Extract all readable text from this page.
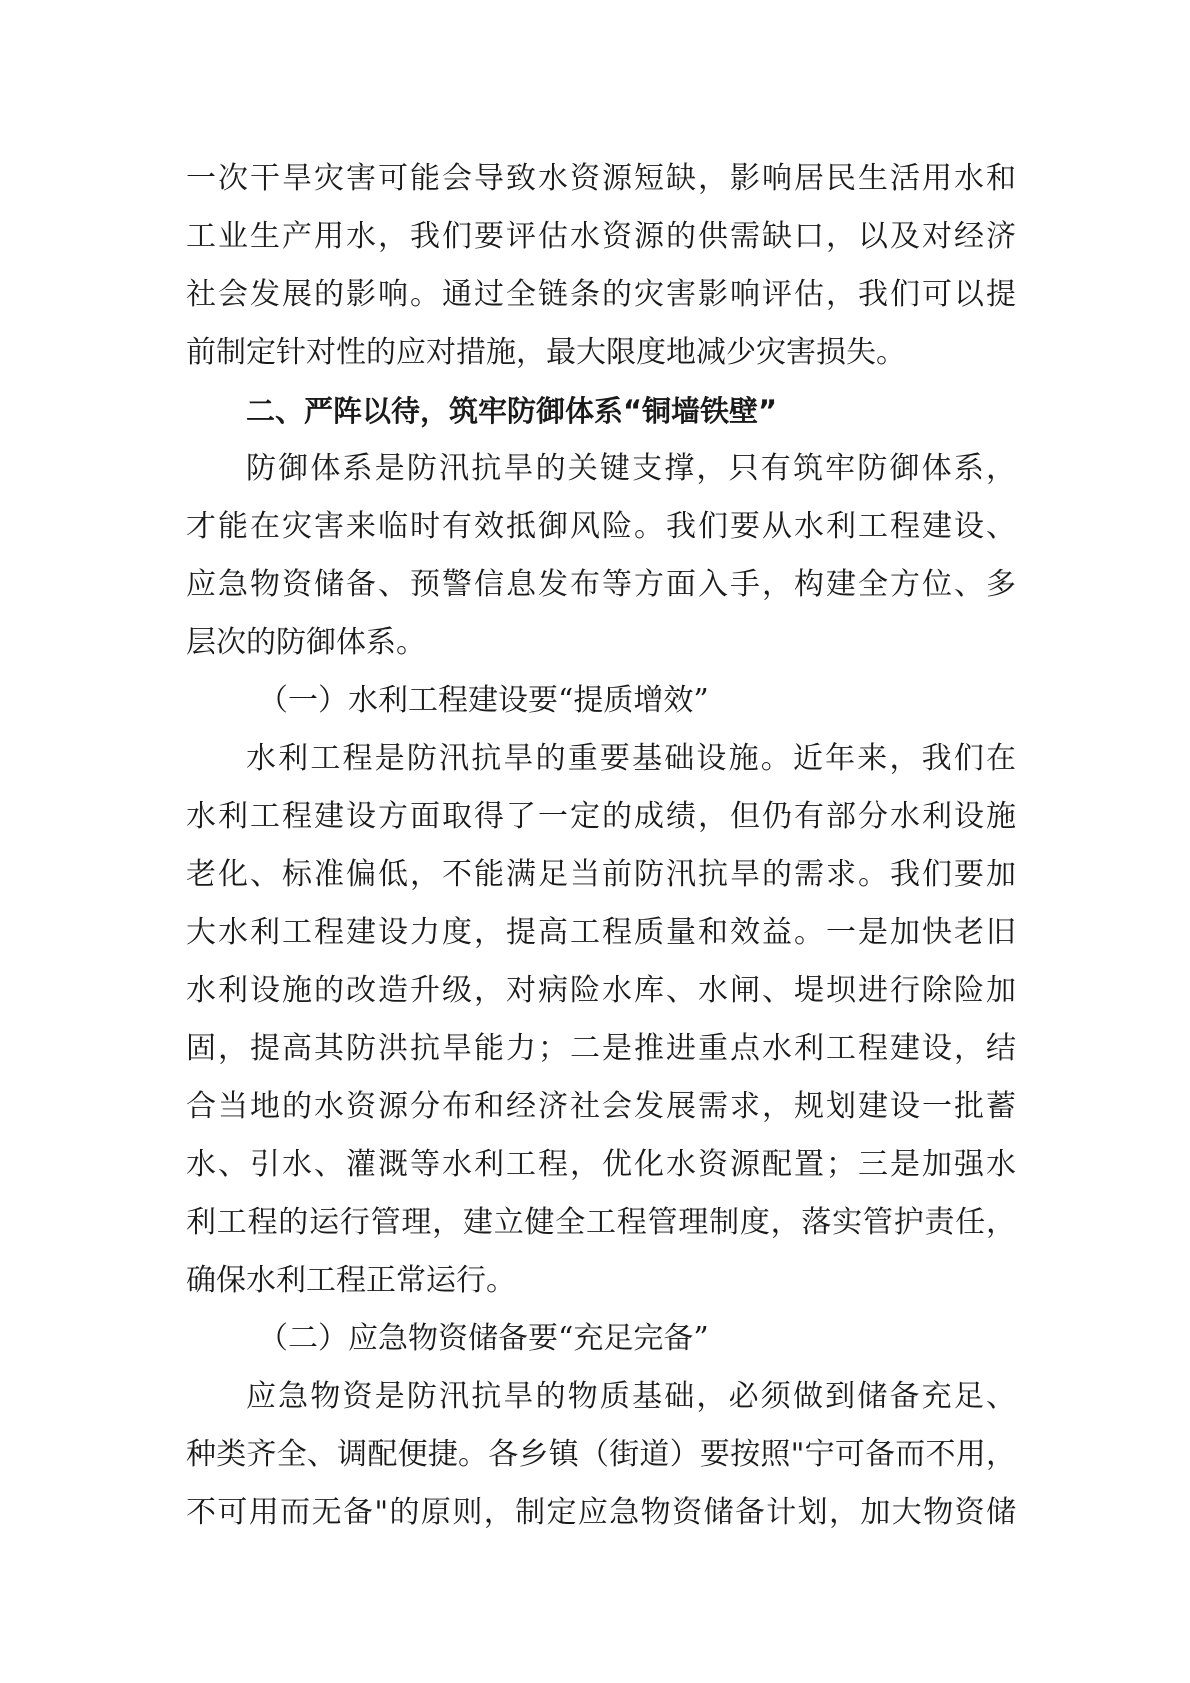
一次干旱灾害可能会导致水资源短缺，影响居民生活用水和
工业生产用水，我们要评估水资源的供需缺口，以及对经济
社会发展的影响。通过全链条的灾害影响评估，我们可以提
前制定针对性的应对措施，最大限度地减少灾害损失。
二、严阵以待，筑牢防御体系“铜墙铁壁”
防御体系是防汛抗旱的关键支撑，只有筑牢防御体系，
才能在灾害来临时有效抵御风险。我们要从水利工程建设、
应急物资储备、预警信息发布等方面入手，构建全方位、多
层次的防御体系。
（一）水利工程建设要“提质增效”
水利工程是防汛抗旱的重要基础设施。近年来，我们在
水利工程建设方面取得了一定的成绩，但仍有部分水利设施
老化、标准偏低，不能满足当前防汛抗旱的需求。我们要加
大水利工程建设力度，提高工程质量和效益。一是加快老旧
水利设施的改造升级，对病险水库、水闸、堤坝进行除险加
固，提高其防洪抗旱能力；二是推进重点水利工程建设，结
合当地的水资源分布和经济社会发展需求，规划建设一批蓄
水、引水、灌溉等水利工程，优化水资源配置；三是加强水
利工程的运行管理，建立健全工程管理制度，落实管护责任，
确保水利工程正常运行。
（二）应急物资储备要“充足完备”
应急物资是防汛抗旱的物质基础，必须做到储备充足、
种类齐全、调配便捷。各乡镇（街道）要按照"宁可备而不用，
不可用而无备"的原则，制定应急物资储备计划，加大物资储
